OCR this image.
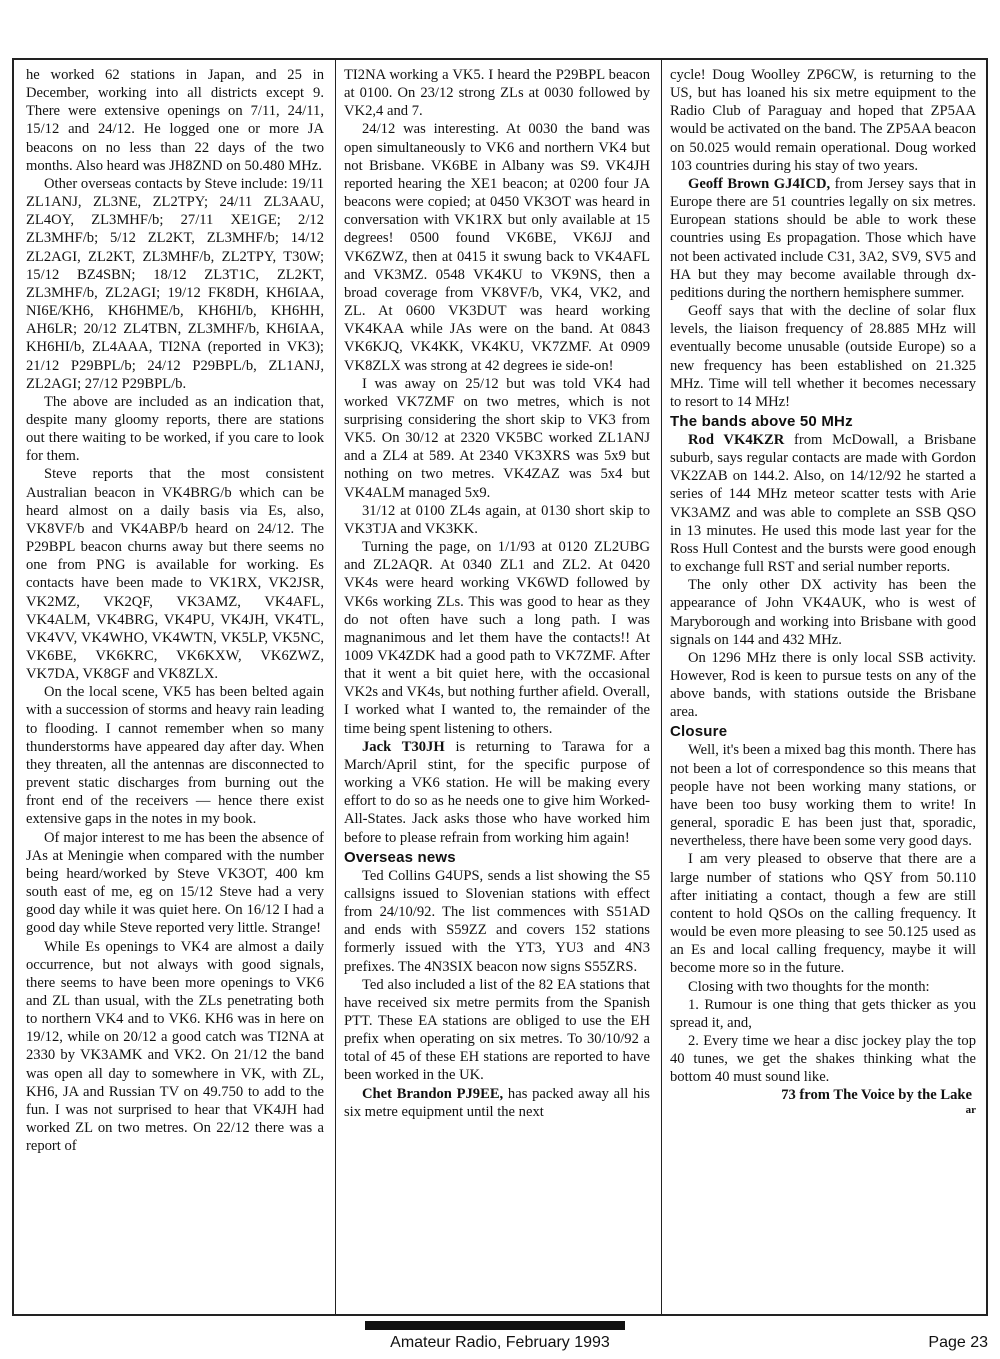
he worked 62 stations in Japan, and 25 in December, working into all districts except 9. There were extensive openings on 7/11, 24/11, 15/12 and 24/12. He logged one or more JA beacons on no less than 22 days of the two months. Also heard was JH8ZND on 50.480 MHz.

Other overseas contacts by Steve include: 19/11 ZL1ANJ, ZL3NE, ZL2TPY; 24/11 ZL3AAU, ZL4OY, ZL3MHF/b; 27/11 XE1GE; 2/12 ZL3MHF/b; 5/12 ZL2KT, ZL3MHF/b; 14/12 ZL2AGI, ZL2KT, ZL3MHF/b, ZL2TPY, T30W; 15/12 BZ4SBN; 18/12 ZL3T1C, ZL2KT, ZL3MHF/b, ZL2AGI; 19/12 FK8DH, KH6IAA, NI6E/KH6, KH6HME/b, KH6HI/b, KH6HH, AH6LR; 20/12 ZL4TBN, ZL3MHF/b, KH6IAA, KH6HI/b, ZL4AAA, TI2NA (reported in VK3); 21/12 P29BPL/b; 24/12 P29BPL/b, ZL1ANJ, ZL2AGI; 27/12 P29BPL/b.

The above are included as an indication that, despite many gloomy reports, there are stations out there waiting to be worked, if you care to look for them.

Steve reports that the most consistent Australian beacon in VK4BRG/b which can be heard almost on a daily basis via Es, also, VK8VF/b and VK4ABP/b heard on 24/12. The P29BPL beacon churns away but there seems no one from PNG is available for working. Es contacts have been made to VK1RX, VK2JSR, VK2MZ, VK2QF, VK3AMZ, VK4AFL, VK4ALM, VK4BRG, VK4PU, VK4JH, VK4TL, VK4VV, VK4WHO, VK4WTN, VK5LP, VK5NC, VK6BE, VK6KRC, VK6KXW, VK6ZWZ, VK7DA, VK8GF and VK8ZLX.

On the local scene, VK5 has been belted again with a succession of storms and heavy rain leading to flooding. I cannot remember when so many thunderstorms have appeared day after day. When they threaten, all the antennas are disconnected to prevent static discharges from burning out the front end of the receivers — hence there exist extensive gaps in the notes in my book.

Of major interest to me has been the absence of JAs at Meningie when compared with the number being heard/worked by Steve VK3OT, 400 km south east of me, eg on 15/12 Steve had a very good day while it was quiet here. On 16/12 I had a good day while Steve reported very little. Strange!

While Es openings to VK4 are almost a daily occurrence, but not always with good signals, there seems to have been more openings to VK6 and ZL than usual, with the ZLs penetrating both to northern VK4 and to VK6. KH6 was in here on 19/12, while on 20/12 a good catch was TI2NA at 2330 by VK3AMK and VK2. On 21/12 the band was open all day to somewhere in VK, with ZL, KH6, JA and Russian TV on 49.750 to add to the fun. I was not surprised to hear that VK4JH had worked ZL on two metres. On 22/12 there was a report of

TI2NA working a VK5. I heard the P29BPL beacon at 0100. On 23/12 strong ZLs at 0030 followed by VK2,4 and 7.

24/12 was interesting. At 0030 the band was open simultaneously to VK6 and northern VK4 but not Brisbane. VK6BE in Albany was S9. VK4JH reported hearing the XE1 beacon; at 0200 four JA beacons were copied; at 0450 VK3OT was heard in conversation with VK1RX but only available at 15 degrees! 0500 found VK6BE, VK6JJ and VK6ZWZ, then at 0415 it swung back to VK4AFL and VK3MZ. 0548 VK4KU to VK9NS, then a broad coverage from VK8VF/b, VK4, VK2, and ZL. At 0600 VK3DUT was heard working VK4KAA while JAs were on the band. At 0843 VK6KJQ, VK4KK, VK4KU, VK7ZMF. At 0909 VK8ZLX was strong at 42 degrees ie side-on!

I was away on 25/12 but was told VK4 had worked VK7ZMF on two metres, which is not surprising considering the short skip to VK3 from VK5. On 30/12 at 2320 VK5BC worked ZL1ANJ and a ZL4 at 589. At 2340 VK3XRS was 5x9 but nothing on two metres. VK4ZAZ was 5x4 but VK4ALM managed 5x9.

31/12 at 0100 ZL4s again, at 0130 short skip to VK3TJA and VK3KK.

Turning the page, on 1/1/93 at 0120 ZL2UBG and ZL2AQR. At 0340 ZL1 and ZL2. At 0420 VK4s were heard working VK6WD followed by VK6s working ZLs. This was good to hear as they do not often have such a long path. I was magnanimous and let them have the contacts!! At 1009 VK4ZDK had a good path to VK7ZMF. After that it went a bit quiet here, with the occasional VK2s and VK4s, but nothing further afield. Overall, I worked what I wanted to, the remainder of the time being spent listening to others.

Jack T30JH is returning to Tarawa for a March/April stint, for the specific purpose of working a VK6 station. He will be making every effort to do so as he needs one to give him Worked-All-States. Jack asks those who have worked him before to please refrain from working him again!

Overseas news

Ted Collins G4UPS, sends a list showing the S5 callsigns issued to Slovenian stations with effect from 24/10/92. The list commences with S51AD and ends with S59ZZ and covers 152 stations formerly issued with the YT3, YU3 and 4N3 prefixes. The 4N3SIX beacon now signs S55ZRS.

Ted also included a list of the 82 EA stations that have received six metre permits from the Spanish PTT. These EA stations are obliged to use the EH prefix when operating on six metres. To 30/10/92 a total of 45 of these EH stations are reported to have been worked in the UK.

Chet Brandon PJ9EE, has packed away all his six metre equipment until the next

cycle! Doug Woolley ZP6CW, is returning to the US, but has loaned his six metre equipment to the Radio Club of Paraguay and hoped that ZP5AA would be activated on the band. The ZP5AA beacon on 50.025 would remain operational. Doug worked 103 countries during his stay of two years.

Geoff Brown GJ4ICD, from Jersey says that in Europe there are 51 countries legally on six metres. European stations should be able to work these countries using Es propagation. Those which have not been activated include C31, 3A2, SV9, SV5 and HA but they may become available through dx-peditions during the northern hemisphere summer.

Geoff says that with the decline of solar flux levels, the liaison frequency of 28.885 MHz will eventually become unusable (outside Europe) so a new frequency has been established on 21.325 MHz. Time will tell whether it becomes necessary to resort to 14 MHz!

The bands above 50 MHz

Rod VK4KZR from McDowall, a Brisbane suburb, says regular contacts are made with Gordon VK2ZAB on 144.2. Also, on 14/12/92 he started a series of 144 MHz meteor scatter tests with Arie VK3AMZ and was able to complete an SSB QSO in 13 minutes. He used this mode last year for the Ross Hull Contest and the bursts were good enough to exchange full RST and serial number reports.

The only other DX activity has been the appearance of John VK4AUK, who is west of Maryborough and working into Brisbane with good signals on 144 and 432 MHz.

On 1296 MHz there is only local SSB activity. However, Rod is keen to pursue tests on any of the above bands, with stations outside the Brisbane area.

Closure

Well, it's been a mixed bag this month. There has not been a lot of correspondence so this means that people have not been working many stations, or have been too busy working them to write! In general, sporadic E has been just that, sporadic, nevertheless, there have been some very good days.

I am very pleased to observe that there are a large number of stations who QSY from 50.110 after initiating a contact, though a few are still content to hold QSOs on the calling frequency. It would be even more pleasing to see 50.125 used as an Es and local calling frequency, maybe it will become more so in the future.

Closing with two thoughts for the month:

1. Rumour is one thing that gets thicker as you spread it, and,

2. Every time we hear a disc jockey play the top 40 tunes, we get the shakes thinking what the bottom 40 must sound like.

73 from The Voice by the Lake

ar
Amateur Radio, February 1993	Page 23
